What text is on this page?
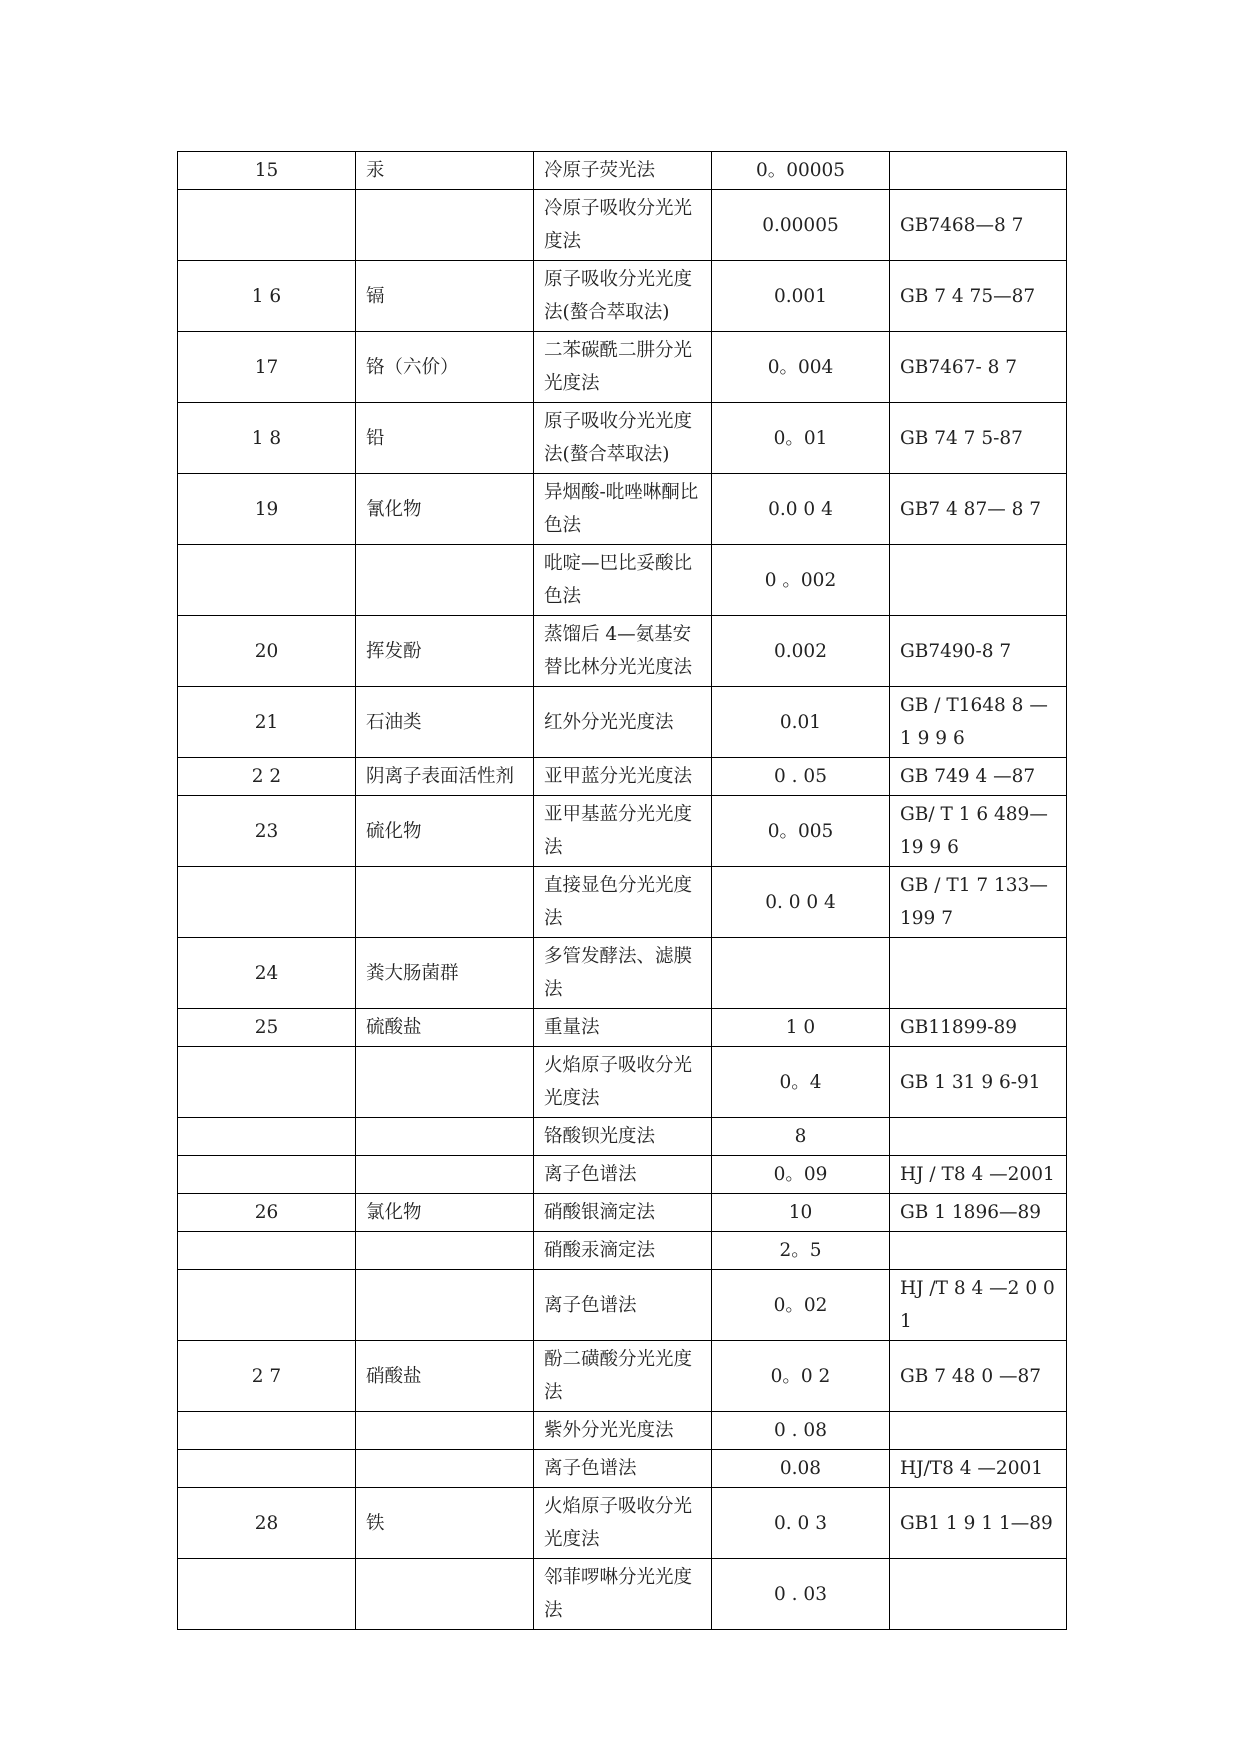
15	汞	冷原子荧光法	0。00005	
		冷原子吸收分光光度法	0.00005	GB7468—8 7
1 6	镉	原子吸收分光光度法(螯合萃取法)	0.001	GB 7 4 75—87
17	铬（六价）	二苯碳酰二肼分光光度法	0。004	GB7467- 8 7
1 8	铅	原子吸收分光光度法(螯合萃取法)	0。01	GB 74 7 5-87
19	氰化物	异烟酸-吡唑啉酮比色法	0.0 0 4	GB7 4 87— 8 7
		吡啶—巴比妥酸比色法	0 。002	
20	挥发酚	蒸馏后 4—氨基安替比林分光光度法	0.002	GB7490-8 7
21	石油类	红外分光光度法	0.01	GB / T1648 8 — 1 9 9 6
2 2	阴离子表面活性剂	亚甲蓝分光光度法	0 . 05	GB 749 4 —87
23	硫化物	亚甲基蓝分光光度法	0。005	GB/ T 1 6 489—19 9 6
		直接显色分光光度法	0. 0 0 4	GB / T1 7 133—199 7
24	粪大肠菌群	多管发酵法、滤膜法		
25	硫酸盐	重量法	1 0	GB11899-89
		火焰原子吸收分光光度法	0。4	GB 1 31 9 6-91
		铬酸钡光度法	8	
		离子色谱法	0。09	HJ / T8 4 —2001
26	氯化物	硝酸银滴定法	10	GB 1 1896—89
		硝酸汞滴定法	2。5	
		离子色谱法	0。02	HJ /T 8 4 —2 0 01
2 7	硝酸盐	酚二磺酸分光光度法	0。0 2	GB 7 48 0 —87
		紫外分光光度法	0 . 08	
		离子色谱法	0.08	HJ/T8 4 —2001
28	铁	火焰原子吸收分光光度法	0. 0 3	GB1 1 9 1 1—89
		邻菲啰啉分光光度法	0 . 03	
